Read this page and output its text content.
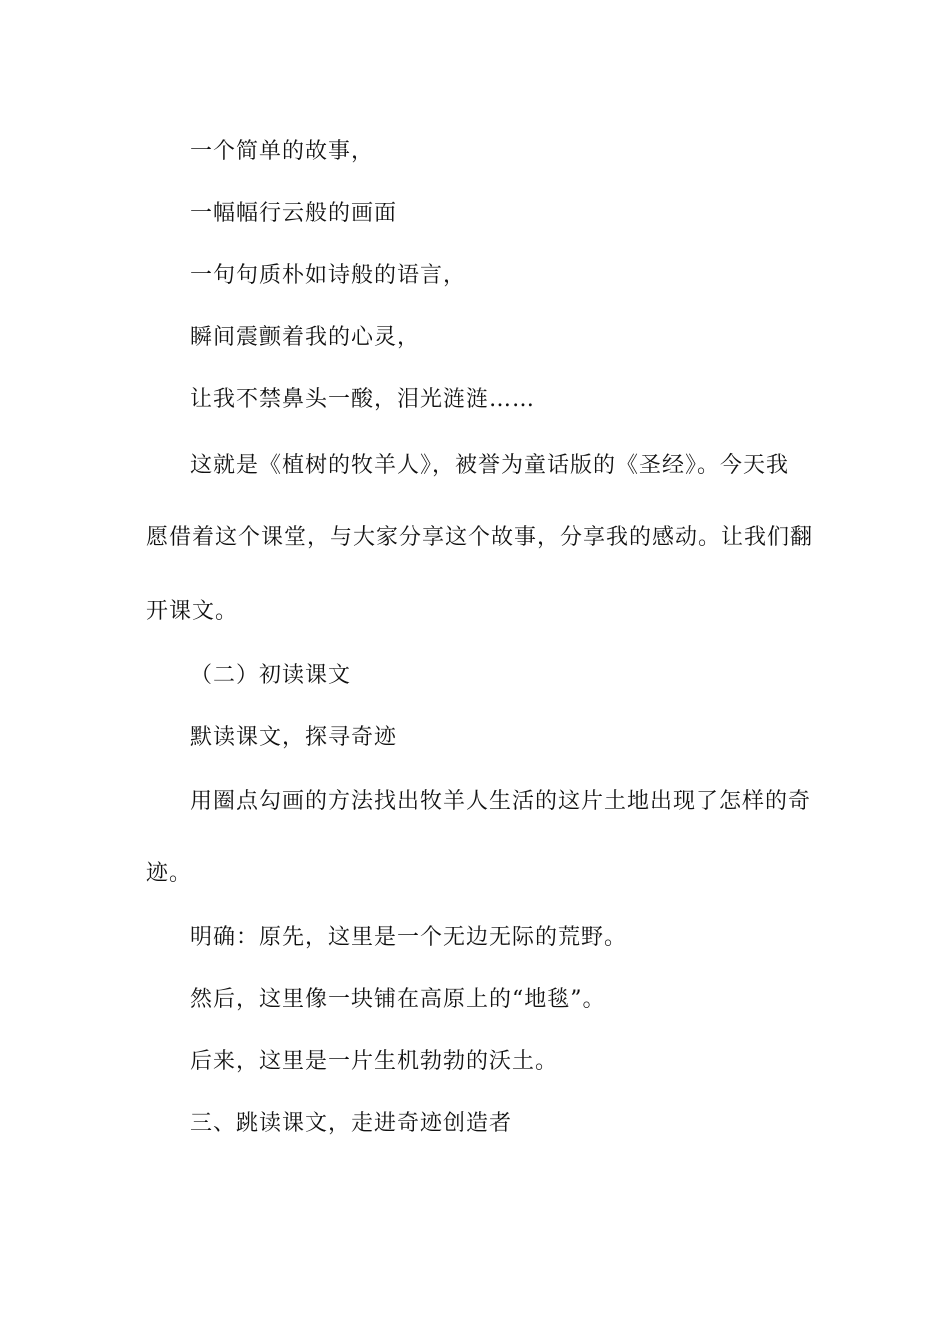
一个简单的故事，
一幅幅行云般的画面
一句句质朴如诗般的语言，
瞬间震颤着我的心灵，
让我不禁鼻头一酸，泪光涟涟……
这就是《植树的牧羊人》，被誉为童话版的《圣经》。今天我
愿借着这个课堂，与大家分享这个故事，分享我的感动。让我们翻
开课文。
（二）初读课文
默读课文，探寻奇迹
用圈点勾画的方法找出牧羊人生活的这片土地出现了怎样的奇
迹。
明确：原先，这里是一个无边无际的荒野。
然后，这里像一块铺在高原上的“地毯”。
后来，这里是一片生机勃勃的沃土。
三、跳读课文，走进奇迹创造者
